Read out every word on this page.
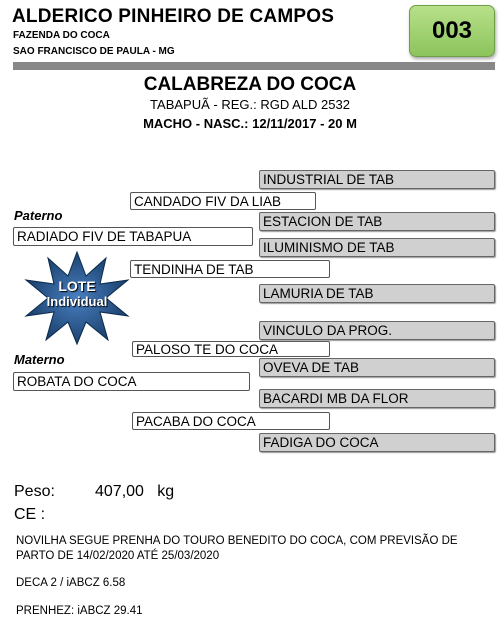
ALDERICO PINHEIRO DE CAMPOS
FAZENDA DO COCA
SAO FRANCISCO DE PAULA - MG
003
CALABREZA DO COCA
TABAPUÃ - REG.: RGD ALD 2532
MACHO - NASC.: 12/11/2017 - 20 M
Paterno
Materno
RADIADO FIV DE TABAPUA
ROBATA DO COCA
CANDADO FIV DA LIAB
TENDINHA DE TAB
PALOSO TE DO COCA
PACABA DO COCA
INDUSTRIAL DE TAB
ESTACION DE TAB
ILUMINISMO DE TAB
LAMURIA DE TAB
VINCULO DA PROG.
OVEVA DE TAB
BACARDI MB DA FLOR
FADIGA DO COCA
LOTE
Individual
Peso:	407,00   kg
CE :
NOVILHA SEGUE PRENHA DO TOURO BENEDITO DO COCA, COM PREVISÃO DE PARTO DE 14/02/2020 ATÉ 25/03/2020
DECA 2 / iABCZ 6.58
PRENHEZ: iABCZ 29.41
